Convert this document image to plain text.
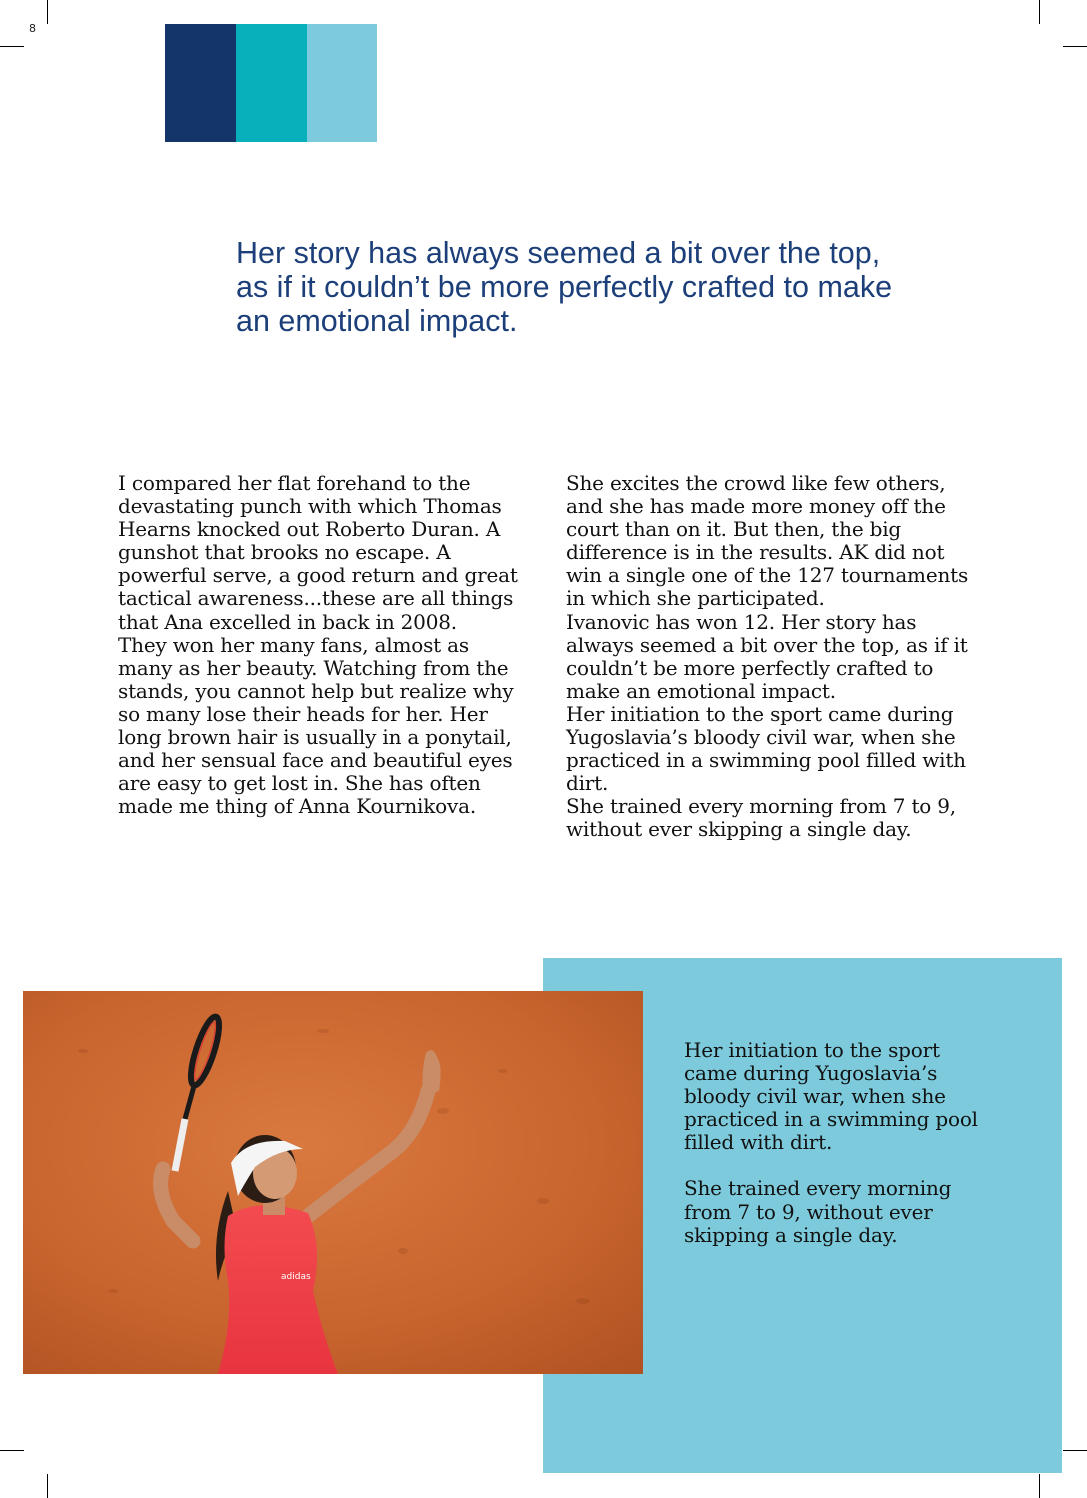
8
Her story has always seemed a bit over the top, as if it couldn’t be more perfectly crafted to make an emotional impact.

I compared her flat forehand to the devastating punch with which Thomas Hearns knocked out Roberto Duran. A gunshot that brooks no escape. A powerful serve, a good return and great tactical awareness...these are all things that Ana excelled in back in 2008.

They won her many fans, almost as many as her beauty. Watching from the stands, you cannot help but realize why so many lose their heads for her. Her long brown hair is usually in a ponytail, and her sensual face and beautiful eyes are easy to get lost in. She has often made me thing of Anna Kournikova.

She excites the crowd like few others, and she has made more money off the court than on it. But then, the big difference is in the results. AK did not win a single one of the 127 tournaments in which she participated.

Ivanovic has won 12. Her story has always seemed a bit over the top, as if it couldn’t be more perfectly crafted to make an emotional impact.

Her initiation to the sport came during Yugoslavia’s bloody civil war, when she practiced in a swimming pool filled with dirt.

She trained every morning from 7 to 9, without ever skipping a single day.

Her initiation to the sport came during Yugoslavia’s bloody civil war, when she practiced in a swimming pool filled with dirt.

She trained every morning from 7 to 9, without ever skipping a single day.

adidas
